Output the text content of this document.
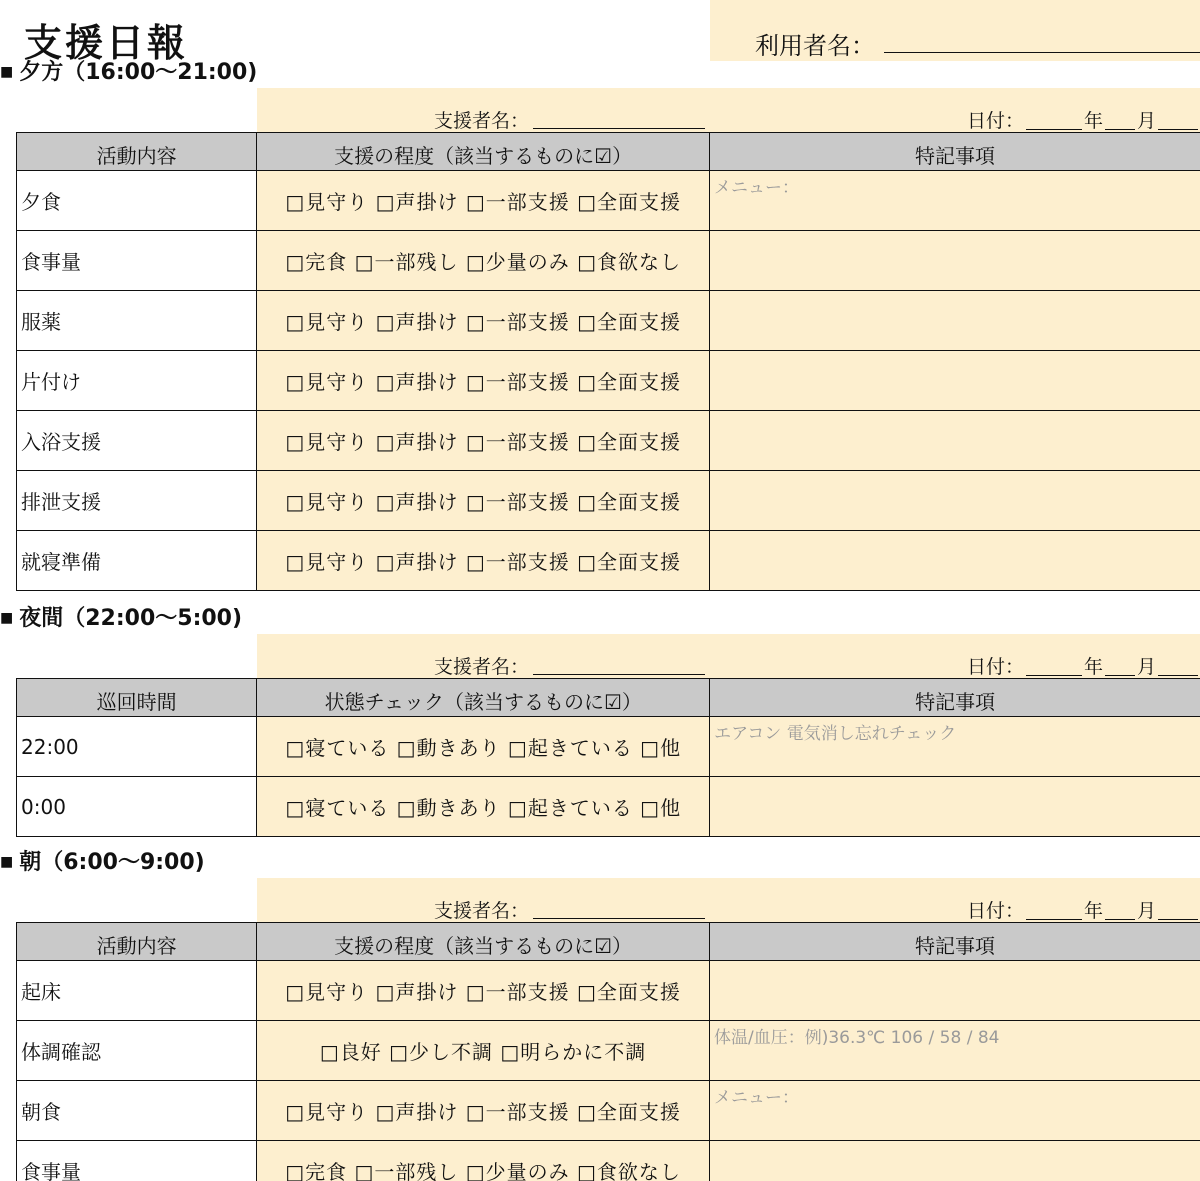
支援日報	利用者名：
■ 夕方（16:00～21:00)
支援者名：	日付：	年 月
活動内容	支援の程度（該当するものに☑）	特記事項
夕食	□見守り □声掛け □一部支援 □全面支援	メニュー：
食事量	□完食 □一部残し □少量のみ □食欲なし	
服薬	□見守り □声掛け □一部支援 □全面支援	
片付け	□見守り □声掛け □一部支援 □全面支援	
入浴支援	□見守り □声掛け □一部支援 □全面支援	
排泄支援	□見守り □声掛け □一部支援 □全面支援	
就寝準備	□見守り □声掛け □一部支援 □全面支援	
■ 夜間（22:00～5:00)
支援者名：	日付：	年 月
巡回時間	状態チェック（該当するものに☑）	特記事項
22:00	□寝ている □動きあり □起きている □他	エアコン 電気消し忘れチェック
0:00	□寝ている □動きあり □起きている □他	
■ 朝（6:00～9:00)
支援者名：	日付：	年 月
活動内容	支援の程度（該当するものに☑）	特記事項
起床	□見守り □声掛け □一部支援 □全面支援	
体調確認	□良好 □少し不調 □明らかに不調	体温/血圧：例)36.3℃ 106 / 58 / 84
朝食	□見守り □声掛け □一部支援 □全面支援	メニュー：
食事量	□完食 □一部残し □少量のみ □食欲なし	
